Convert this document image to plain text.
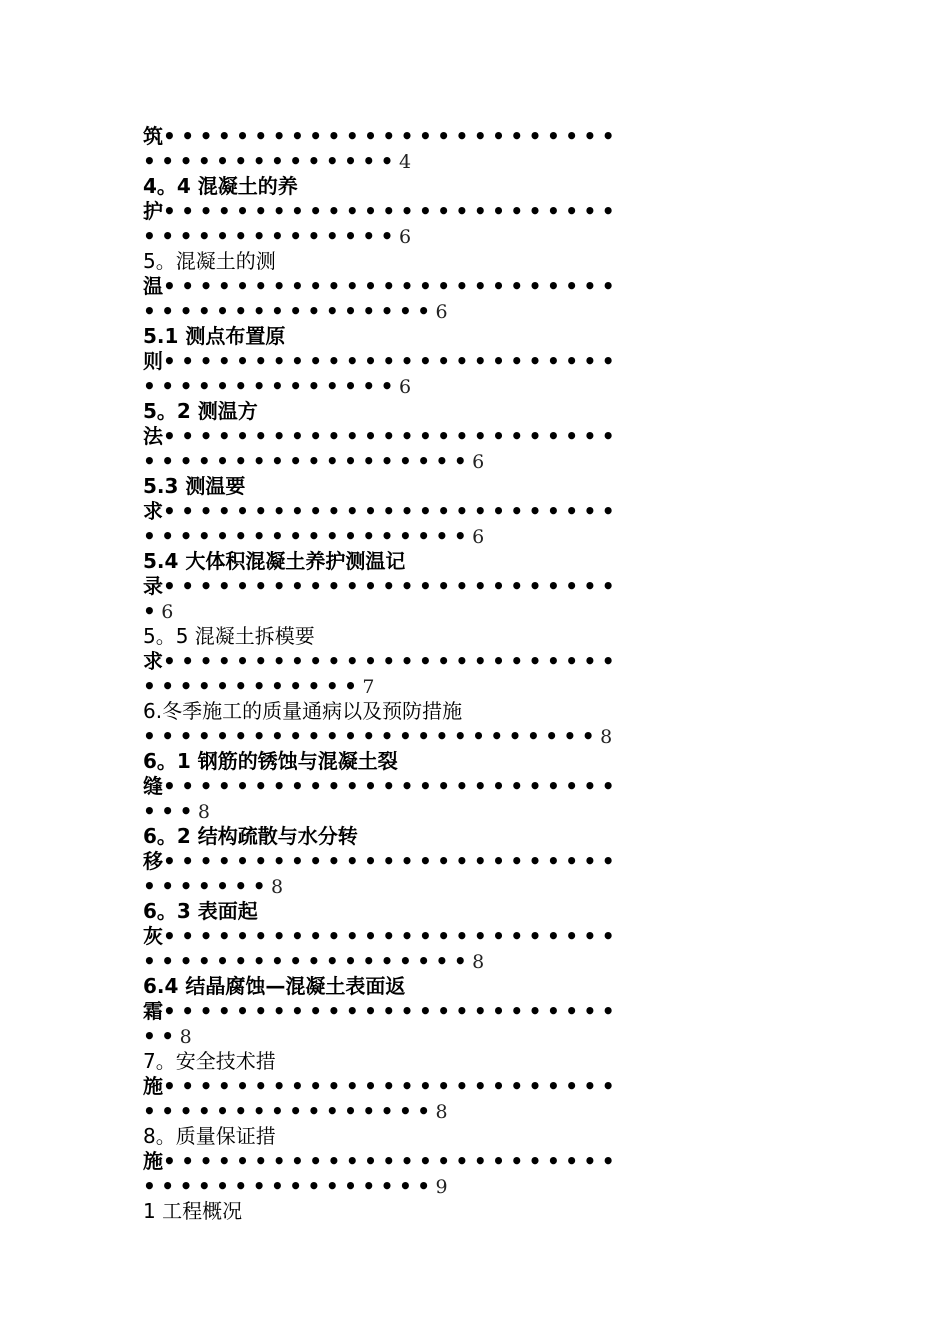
筑•••••••••••••••••••••••••
••••••••••••••4
4。4 混凝土的养
护•••••••••••••••••••••••••
••••••••••••••6
5。混凝土的测
温•••••••••••••••••••••••••
••••••••••••••••6
5.1 测点布置原
则•••••••••••••••••••••••••
••••••••••••••6
5。2 测温方
法•••••••••••••••••••••••••
••••••••••••••••••6
5.3 测温要
求•••••••••••••••••••••••••
••••••••••••••••••6
5.4 大体积混凝土养护测温记
录•••••••••••••••••••••••••
•6
5。5 混凝土拆模要
求•••••••••••••••••••••••••
••••••••••••7
6.冬季施工的质量通病以及预防措施
•••••••••••••••••••••••••8
6。1 钢筋的锈蚀与混凝土裂
缝•••••••••••••••••••••••••
•••8
6。2 结构疏散与水分转
移•••••••••••••••••••••••••
•••••••8
6。3 表面起
灰•••••••••••••••••••••••••
••••••••••••••••••8
6.4 结晶腐蚀—混凝土表面返
霜•••••••••••••••••••••••••
••8
7。安全技术措
施•••••••••••••••••••••••••
••••••••••••••••8
8。质量保证措
施•••••••••••••••••••••••••
••••••••••••••••9
1 工程概况
